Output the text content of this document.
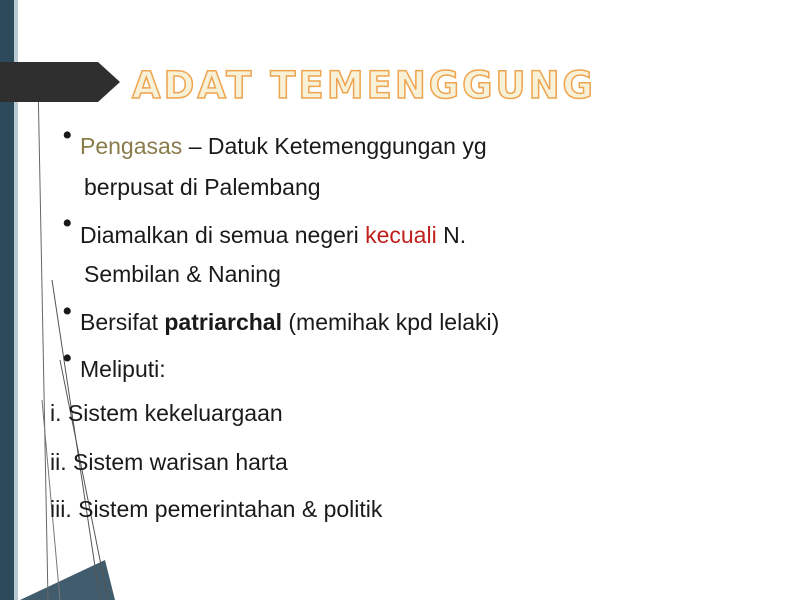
ADAT TEMENGGUNG
• Pengasas – Datuk Ketemenggungan yg
berpusat di Palembang
• Diamalkan di semua negeri kecuali N.
Sembilan & Naning
• Bersifat patriarchal (memihak kpd lelaki)
• Meliputi:
i. Sistem kekeluargaan
ii. Sistem warisan harta
iii. Sistem pemerintahan & politik
